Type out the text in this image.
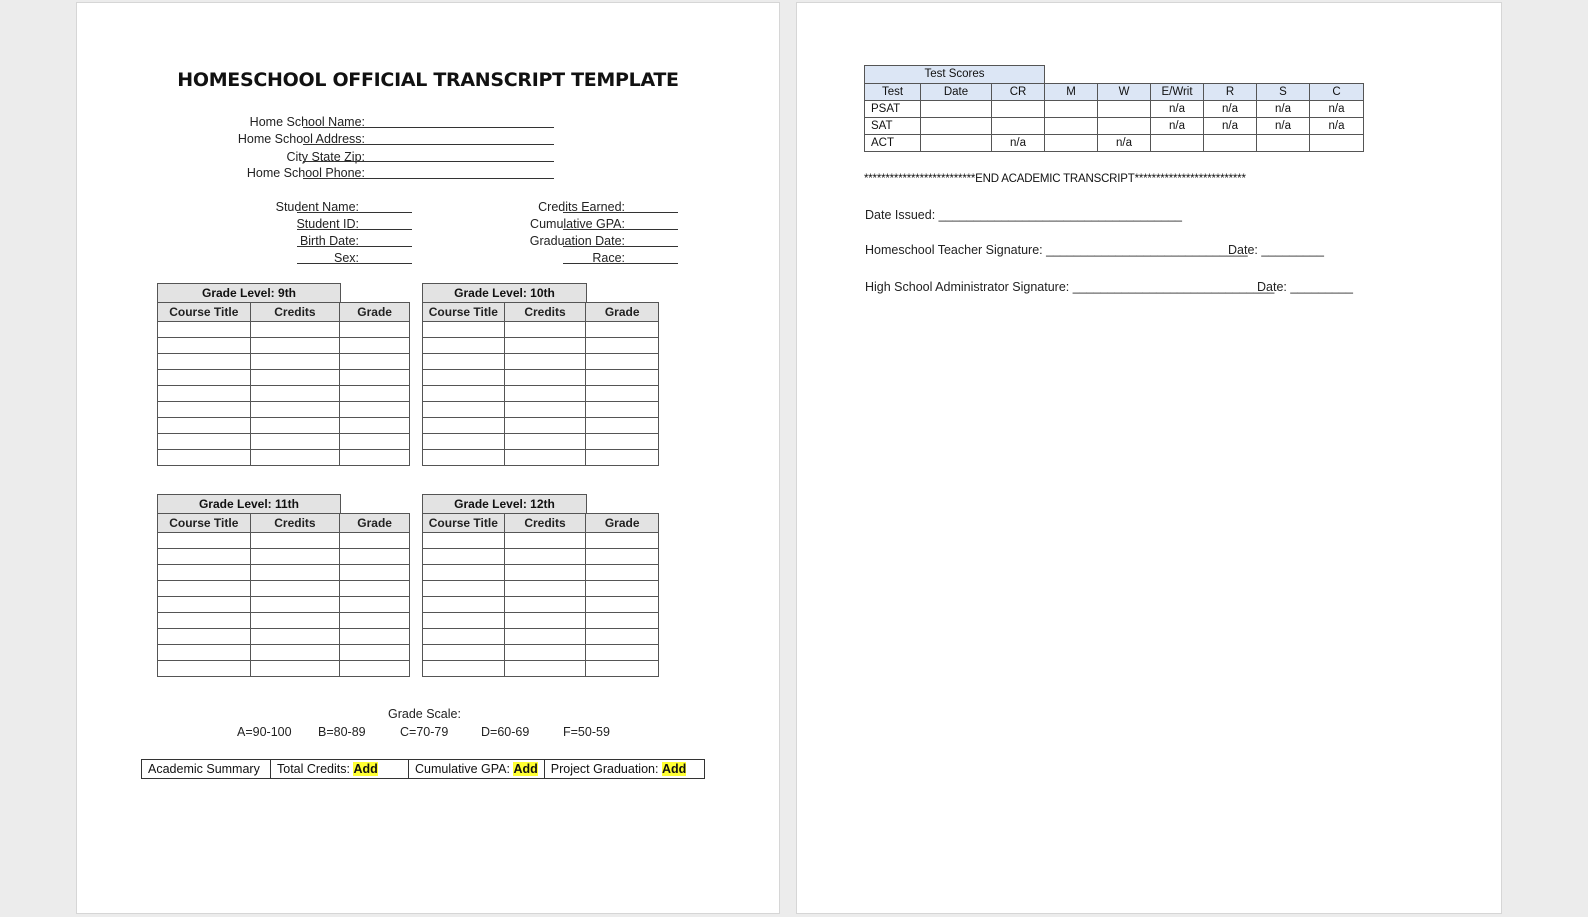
HOMESCHOOL OFFICIAL TRANSCRIPT TEMPLATE
Home School Name:
Home School Address:
City State Zip:
Home School Phone:
Student Name:
Student ID:
Birth Date:
Sex:
Credits Earned:
Cumulative GPA:
Graduation Date:
Race:
Grade Level: 9th
Course Title	Credits	Grade

Grade Level: 10th
Course Title	Credits	Grade

Grade Level: 11th
Course Title	Credits	Grade

Grade Level: 12th
Course Title	Credits	Grade

Grade Scale:
A=90-100 B=80-89	C=70-79	D=60-69	F=50-59
Academic Summary	Total Credits: Add	Cumulative GPA: Add	Project Graduation: Add
Test Scores
Test	Date	CR	M	W	E/Writ	R	S	C
PSAT					n/a	n/a	n/a	n/a
SAT					n/a	n/a	n/a	n/a
ACT		n/a		n/a				
**************************END ACADEMIC TRANSCRIPT**************************
Date Issued: ___________________________________
Homeschool Teacher Signature: _____________________________
Date: _________
High School Administrator Signature: _____________________________
Date: _________
